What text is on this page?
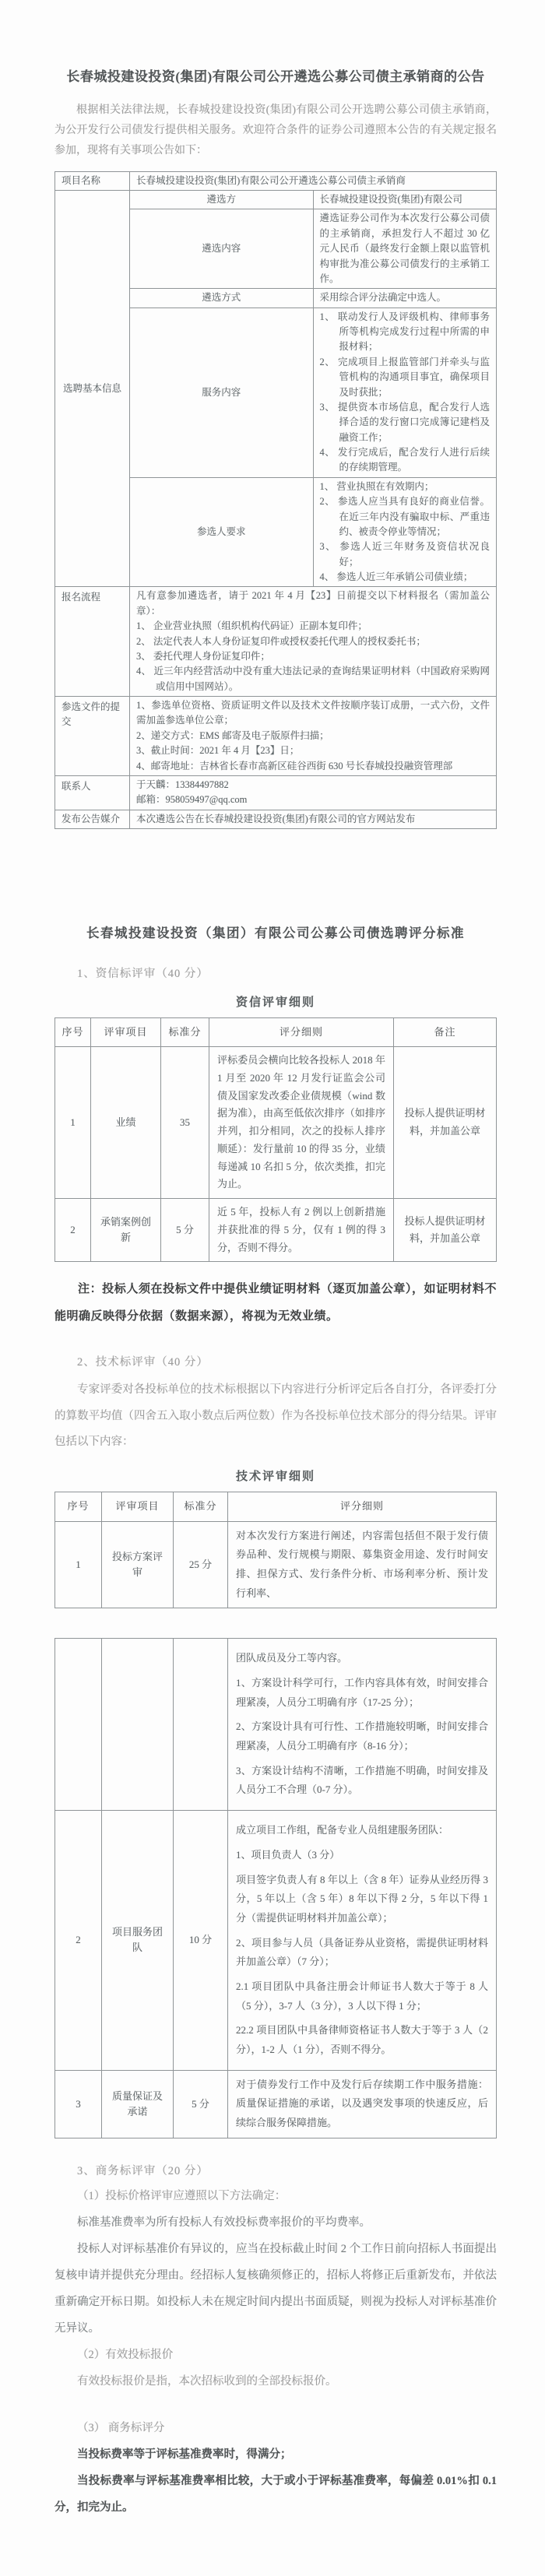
长春城投建设投资(集团)有限公司公开遴选公募公司债主承销商的公告

根据相关法律法规，长春城投建设投资(集团)有限公司公开选聘公募公司债主承销商，为公开发行公司债发行提供相关服务。欢迎符合条件的证券公司遵照本公告的有关规定报名参加，现将有关事项公告如下：

项目名称	长春城投建设投资(集团)有限公司公开遴选公募公司债主承销商	
选聘基本信息	遴选方	长春城投建设投资(集团)有限公司
	遴选内容	遴选证券公司作为本次发行公募公司债的主承销商，承担发行人不超过 30 亿元人民币（最终发行金额上限以监管机构审批为准公募公司债发行的主承销工作。
	遴选方式	采用综合评分法确定中选人。
	服务内容	1、 联动发行人及评级机构、律师事务所等机构完成发行过程中所需的申报材料；
2、 完成项目上报监管部门并牵头与监管机构的沟通项目事宜，确保项目及时获批；
3、 提供资本市场信息，配合发行人选择合适的发行窗口完成簿记建档及融资工作；
4、 发行完成后，配合发行人进行后续的存续期管理。

	参选人要求	1、 营业执照在有效期内；
2、 参选人应当具有良好的商业信誉。在近三年内没有骗取中标、严重违约、被责令停业等情况；
3、 参选人近三年财务及资信状况良好；
4、 参选人近三年承销公司债业绩；

报名流程	凡有意参加遴选者，请于 2021 年 4 月【23】日前提交以下材料报名（需加盖公章）：
1、 企业营业执照（组织机构代码证）正副本复印件；
2、 法定代表人本人身份证复印件或授权委托代理人的授权委托书；
3、 委托代理人身份证复印件；
4、 近三年内经营活动中没有重大违法记录的查询结果证明材料（中国政府采购网或信用中国网站）。	

参选文件的提交	1、参选单位资格、资质证明文件以及技术文件按顺序装订成册，一式六份，文件需加盖参选单位公章；
2、递交方式：EMS 邮寄及电子版原件扫描；
3、截止时间：2021 年 4 月【23】日；
4、邮寄地址：吉林省长春市高新区硅谷西街 630 号长春城投投融资管理部	

联系人	于天麟：13384497882
邮箱：958059497@qq.com	

发布公告媒介	本次遴选公告在长春城投建设投资(集团)有限公司的官方网站发布	
长春城投建设投资（集团）有限公司公募公司债选聘评分标准
1、资信标评审（40 分）
资信评审细则
序号	评审项目	标准分	评分细则	备注
1	业绩	35	评标委员会横向比较各投标人 2018 年 1 月至 2020 年 12 月发行证监会公司债及国家发改委企业债规模（wind 数据为准），由高至低依次排序（如排序并列，扣分相同，次之的投标人排序顺延）：发行量前 10 的得 35 分，业绩每递减 10 名扣 5 分，依次类推，扣完为止。	投标人提供证明材料，并加盖公章
2	承销案例创新	5 分	近 5 年，投标人有 2 例以上创新措施并获批准的得 5 分，仅有 1 例的得 3 分，否则不得分。	投标人提供证明材料，并加盖公章

注：投标人须在投标文件中提供业绩证明材料（逐页加盖公章），如证明材料不能明确反映得分依据（数据来源），将视为无效业绩。

2、技术标评审（40 分）

专家评委对各投标单位的技术标根据以下内容进行分析评定后各自打分，各评委打分的算数平均值（四舍五入取小数点后两位数）作为各投标单位技术部分的得分结果。评审包括以下内容：

技术评审细则
序号	评审项目	标准分	评分细则
1	投标方案评审	25 分	对本次发行方案进行阐述，内容需包括但不限于发行债券品种、发行规模与期限、募集资金用途、发行时间安排、担保方式、发行条件分析、市场利率分析、预计发行利率、

			团队成员及分工等内容。
1、方案设计科学可行，工作内容具体有效，时间安排合理紧凑，人员分工明确有序（17-25 分）；
2、方案设计具有可行性、工作措施较明晰，时间安排合理紧凑，人员分工明确有序（8-16 分）；
3、方案设计结构不清晰，工作措施不明确，时间安排及人员分工不合理（0-7 分）。

2	项目服务团队	10 分	
成立项目工作组，配备专业人员组建服务团队：
1、项目负责人（3 分）
项目签字负责人有 8 年以上（含 8 年）证券从业经历得 3 分，5 年以上（含 5 年）8 年以下得 2 分，5 年以下得 1 分（需提供证明材料并加盖公章）；
2、项目参与人员（具备证券从业资格，需提供证明材料并加盖公章）（7 分）；
2.1 项目团队中具备注册会计师证书人数大于等于 8 人（5 分），3-7 人（3 分），3 人以下得 1 分；
22.2 项目团队中具备律师资格证书人数大于等于 3 人（2 分），1-2 人（1 分），否则不得分。

3	质量保证及承诺	5 分	对于债券发行工作中及发行后存续期工作中服务措施：质量保证措施的承诺，以及遇突发事项的快速反应，后续综合服务保障措施。
3、商务标评审（20 分）
（1）投标价格评审应遵照以下方法确定：
标准基准费率为所有投标人有效投标费率报价的平均费率。
投标人对评标基准价有异议的，应当在投标截止时间 2 个工作日前向招标人书面提出复核申请并提供充分理由。经招标人复核确须修正的，招标人将修正后重新发布，并依法重新确定开标日期。如投标人未在规定时间内提出书面质疑，则视为投标人对评标基准价无异议。
（2）有效投标报价
有效投标报价是指，本次招标收到的全部投标报价。
（3） 商务标评分
当投标费率等于评标基准费率时，得满分；
当投标费率与评标基准费率相比较，大于或小于评标基准费率，每偏差 0.01%扣 0.1 分，扣完为止。
